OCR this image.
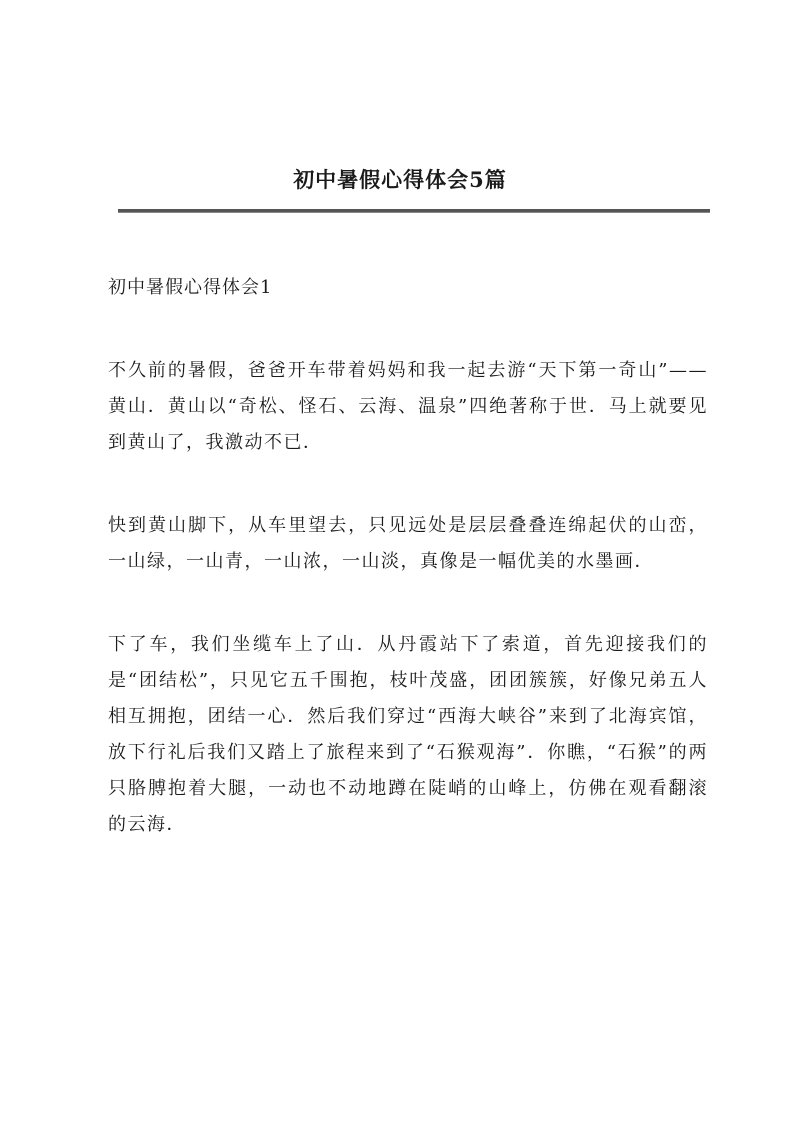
初中暑假心得体会5篇

初中暑假心得体会1

不久前的暑假，爸爸开车带着妈妈和我一起去游“天下第一奇山”——黄山．黄山以“奇松、怪石、云海、温泉”四绝著称于世．马上就要见到黄山了，我激动不已．

快到黄山脚下，从车里望去，只见远处是层层叠叠连绵起伏的山峦，一山绿，一山青，一山浓，一山淡，真像是一幅优美的水墨画．

下了车，我们坐缆车上了山．从丹霞站下了索道，首先迎接我们的是“团结松”，只见它五千围抱，枝叶茂盛，团团簇簇，好像兄弟五人相互拥抱，团结一心．然后我们穿过“西海大峡谷”来到了北海宾馆，放下行礼后我们又踏上了旅程来到了“石猴观海”．你瞧，“石猴”的两只胳膊抱着大腿，一动也不动地蹲在陡峭的山峰上，仿佛在观看翻滚的云海．
